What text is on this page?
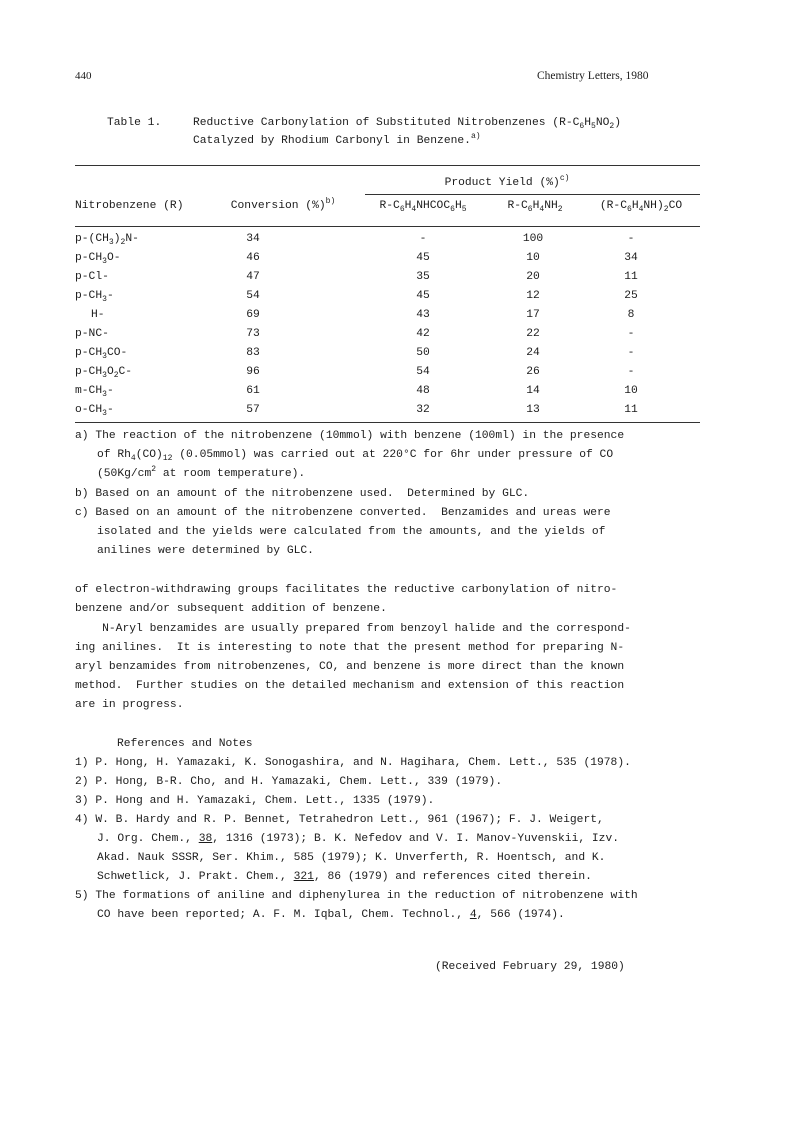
440	Chemistry Letters, 1980
Table 1.	Reductive Carbonylation of Substituted Nitrobenzenes $(R-C_6H_5NO_2)$
Catalyzed by Rhodium Carbonyl in Benzene.$^{a)}$
Product Yield (%)$^{c)}$
Nitrobenzene (R)	Conversion (%)$^{b)}$	$R-C_6H_4NHCOC_6H_5$	$R-C_6H_4NH_2$	$(R-C_6H_4NH)_2CO$
$p-(CH_3)_2N-$	34	-	100	-
$p-CH_3O-$	46	45	10	34
p-Cl-	47	35	20	11
$p-CH_3-$	54	45	12	25
H-	69	43	17	8
p-NC-	73	42	22	-
$p-CH_3CO-$	83	50	24	-
$p-CH_3O_2C-$	96	54	26	-
$m-CH_3-$	61	48	14	10
$o-CH_3-$	57	32	13	11
a) The reaction of the nitrobenzene (10mmol) with benzene (100ml) in the presence
of $Rh_4(CO)_{12}$ (0.05mmol) was carried out at 220°C for 6hr under pressure of CO
($50Kg/cm^2$ at room temperature).
b) Based on an amount of the nitrobenzene used.  Determined by GLC.
c) Based on an amount of the nitrobenzene converted.  Benzamides and ureas were
isolated and the yields were calculated from the amounts, and the yields of
anilines were determined by GLC.
of electron-withdrawing groups facilitates the reductive carbonylation of nitro-
benzene and/or subsequent addition of benzene.
N-Aryl benzamides are usually prepared from benzoyl halide and the correspond-
ing anilines.  It is interesting to note that the present method for preparing N-
aryl benzamides from nitrobenzenes, CO, and benzene is more direct than the known
method.  Further studies on the detailed mechanism and extension of this reaction
are in progress.
References and Notes
1) P. Hong, H. Yamazaki, K. Sonogashira, and N. Hagihara, Chem. Lett., 535 (1978).
2) P. Hong, B-R. Cho, and H. Yamazaki, Chem. Lett., 339 (1979).
3) P. Hong and H. Yamazaki, Chem. Lett., 1335 (1979).
4) W. B. Hardy and R. P. Bennet, Tetrahedron Lett., 961 (1967); F. J. Weigert,
J. Org. Chem., 38, 1316 (1973); B. K. Nefedov and V. I. Manov-Yuvenskii, Izv.
Akad. Nauk SSSR, Ser. Khim., 585 (1979); K. Unverferth, R. Hoentsch, and K.
Schwetlick, J. Prakt. Chem., 321, 86 (1979) and references cited therein.
5) The formations of aniline and diphenylurea in the reduction of nitrobenzene with
CO have been reported; A. F. M. Iqbal, Chem. Technol., 4, 566 (1974).
(Received February 29, 1980)
